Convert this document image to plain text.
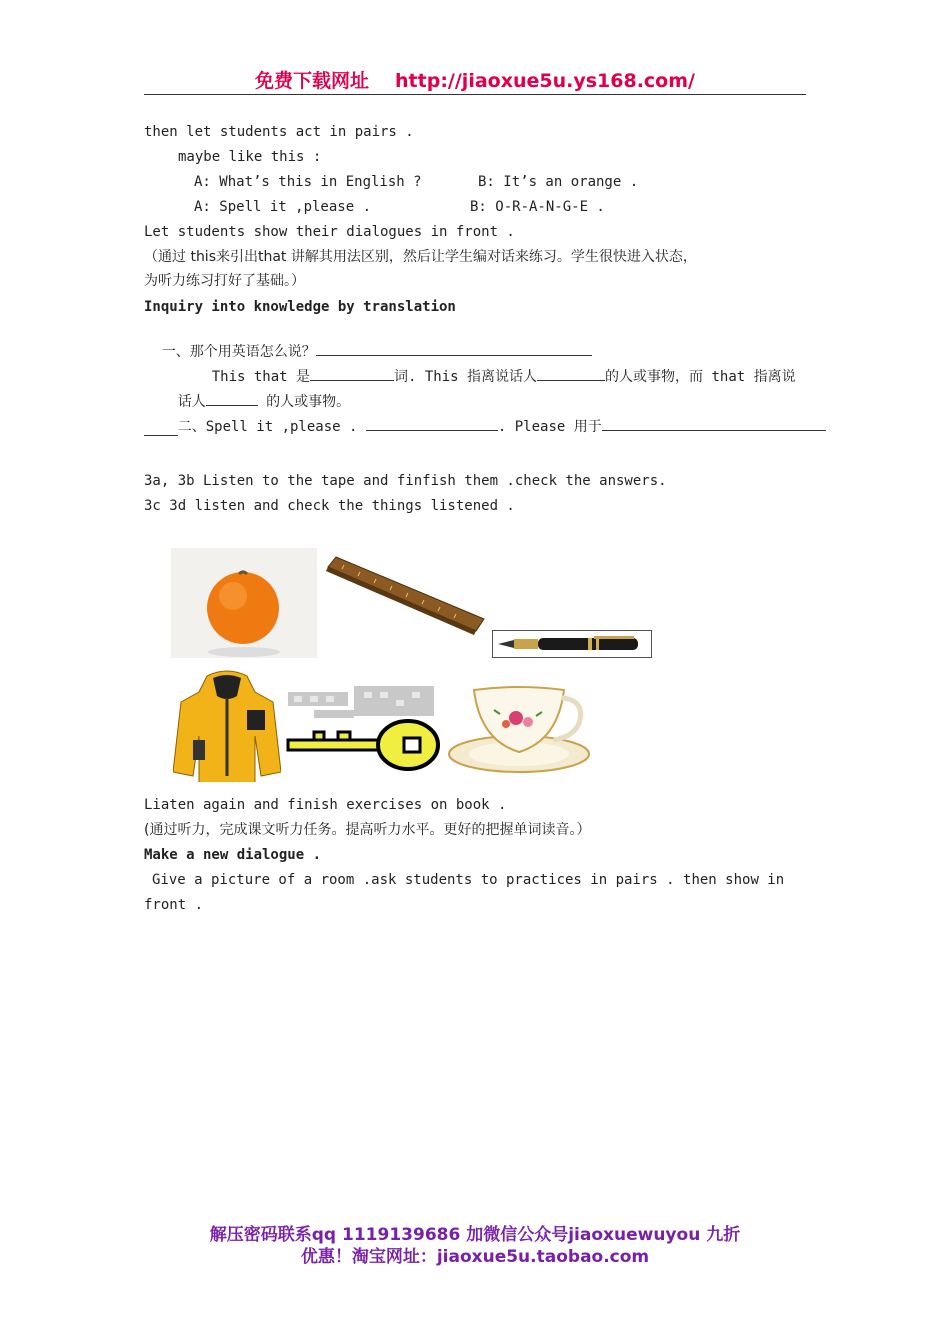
免费下载网址 http://jiaoxue5u.ys168.com/
then let students act in pairs .
maybe like this :
A: What’s this in English ?	B: It’s an orange .
A: Spell it ,please .	B: O-R-A-N-G-E .
Let students show their dialogues in front .
（通过 this来引出that 讲解其用法区别，然后让学生编对话来练习。学生很快进入状态，
为听力练习打好了基础。）
Inquiry into knowledge by translation

一、那个用英语怎么说？

This that 是	词. This 指离说话人	的人或事物，而 that 指离说

话人	的人或事物。

二、Spell it ,please .	. Please 用于

3a, 3b Listen to the tape and finfish them .check the answers.
3c 3d listen and check the things listened .
Liaten again and finish exercises on book .
(通过听力，完成课文听力任务。提高听力水平。更好的把握单词读音。）
Make a new dialogue .
Give a picture of a room .ask students to practices in pairs . then show in
front .
解压密码联系qq 1119139686 加微信公众号jiaoxuewuyou 九折
优惠！淘宝网址：jiaoxue5u.taobao.com
